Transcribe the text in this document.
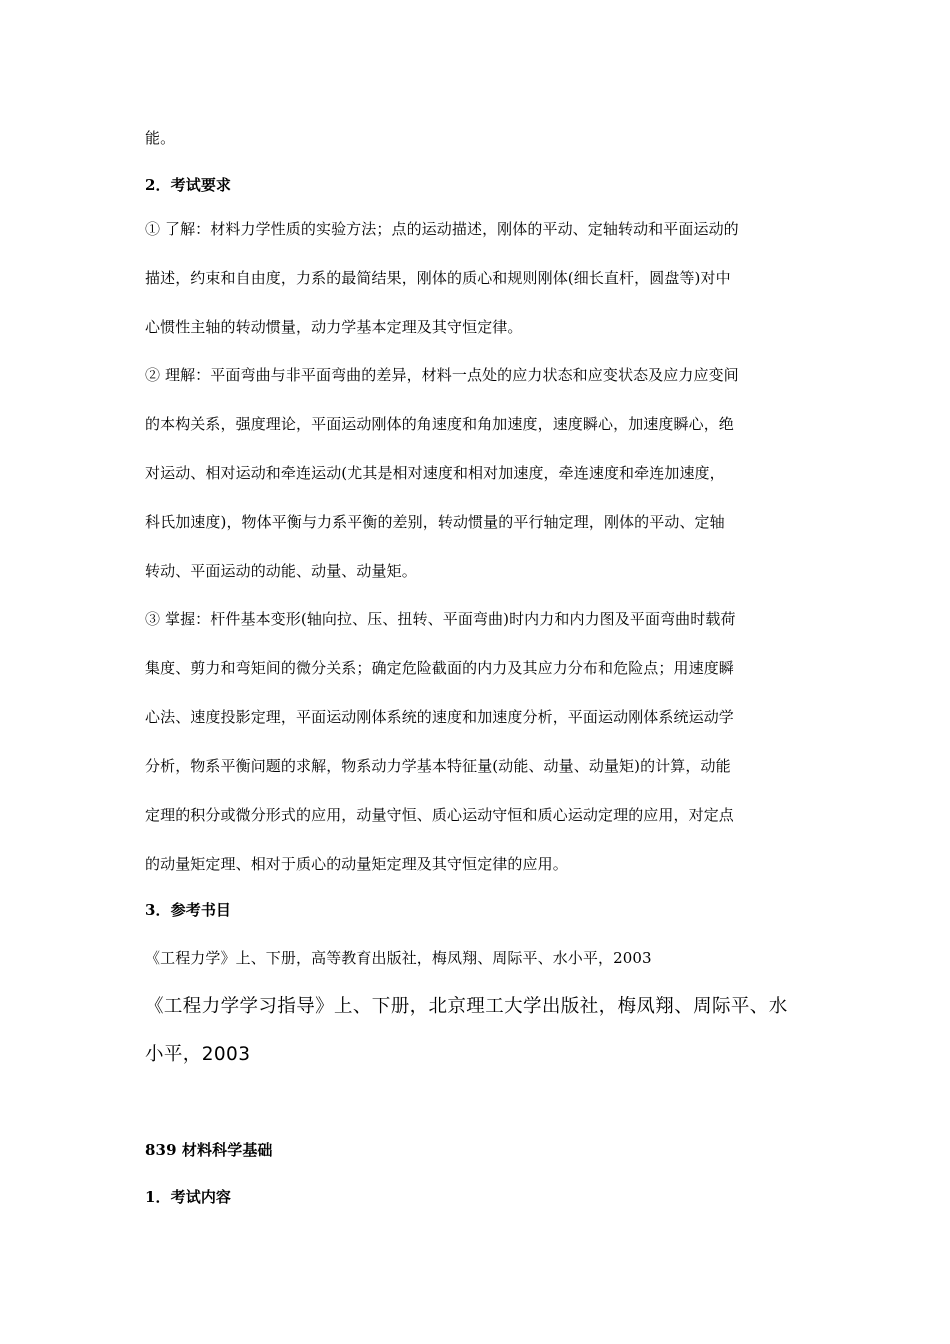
能。
2．考试要求
① 了解：材料力学性质的实验方法；点的运动描述，刚体的平动、定轴转动和平面运动的
描述，约束和自由度，力系的最简结果，刚体的质心和规则刚体(细长直杆，圆盘等)对中
心惯性主轴的转动惯量，动力学基本定理及其守恒定律。
② 理解：平面弯曲与非平面弯曲的差异，材料一点处的应力状态和应变状态及应力应变间
的本构关系，强度理论，平面运动刚体的角速度和角加速度，速度瞬心，加速度瞬心，绝
对运动、相对运动和牵连运动(尤其是相对速度和相对加速度，牵连速度和牵连加速度，
科氏加速度)，物体平衡与力系平衡的差别，转动惯量的平行轴定理，刚体的平动、定轴
转动、平面运动的动能、动量、动量矩。
③ 掌握：杆件基本变形(轴向拉、压、扭转、平面弯曲)时内力和内力图及平面弯曲时载荷
集度、剪力和弯矩间的微分关系；确定危险截面的内力及其应力分布和危险点；用速度瞬
心法、速度投影定理，平面运动刚体系统的速度和加速度分析，平面运动刚体系统运动学
分析，物系平衡问题的求解，物系动力学基本特征量(动能、动量、动量矩)的计算，动能
定理的积分或微分形式的应用，动量守恒、质心运动守恒和质心运动定理的应用，对定点
的动量矩定理、相对于质心的动量矩定理及其守恒定律的应用。
3．参考书目
《工程力学》上、下册，高等教育出版社，梅凤翔、周际平、水小平，2003
《工程力学学习指导》上、下册，北京理工大学出版社，梅凤翔、周际平、水
小平，2003
839 材料科学基础
1．考试内容
